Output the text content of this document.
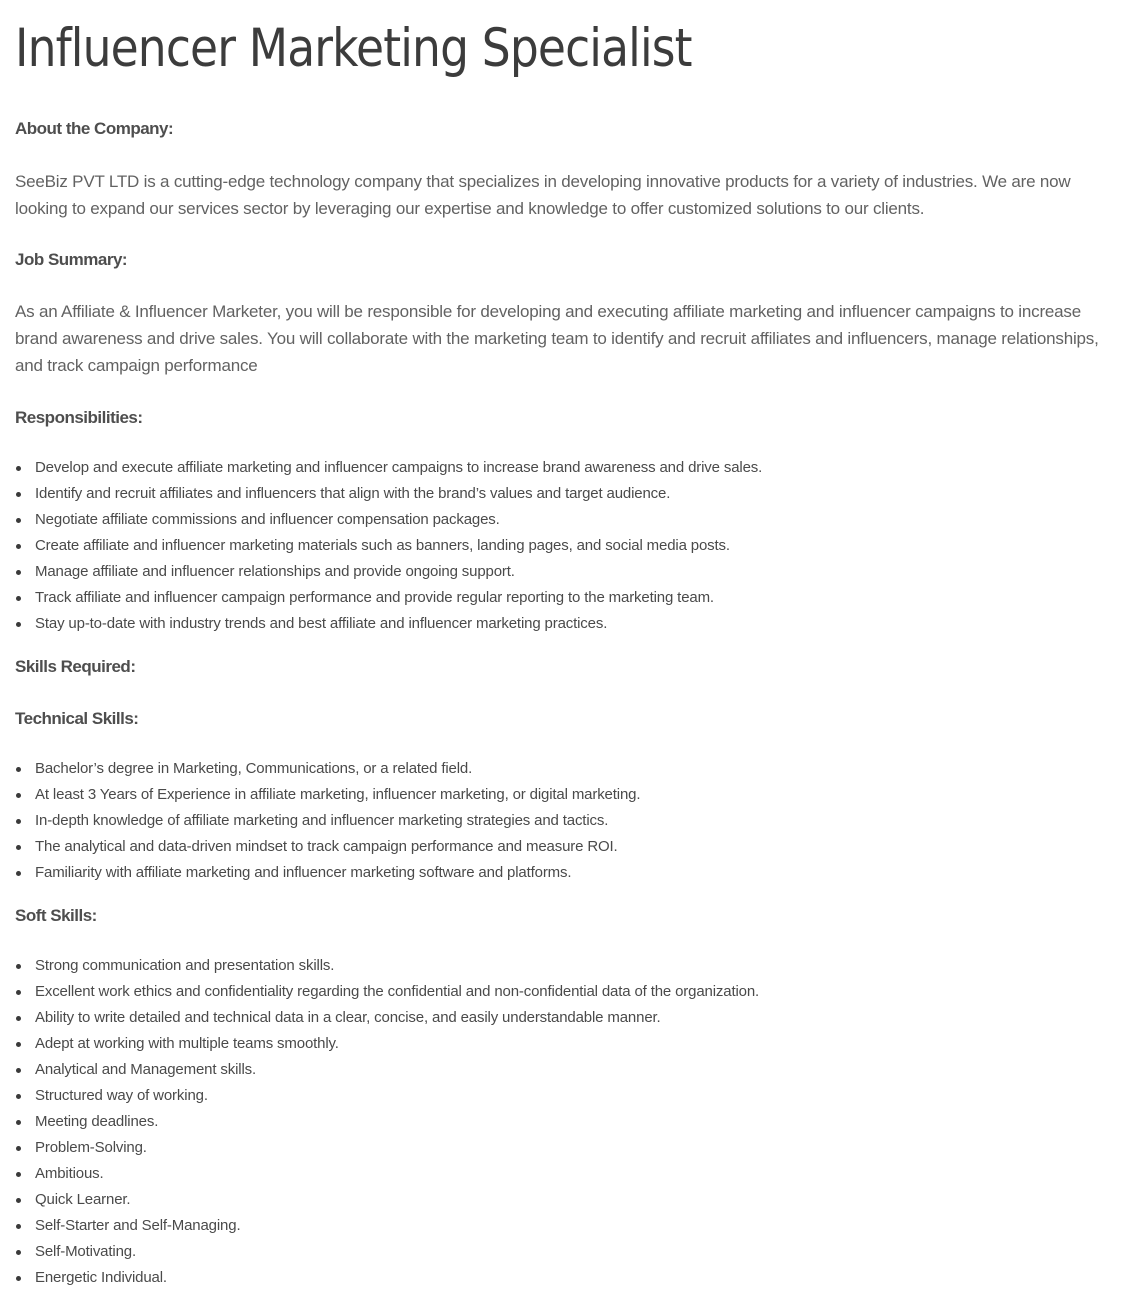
Influencer Marketing Specialist
About the Company:

SeeBiz PVT LTD is a cutting-edge technology company that specializes in developing innovative products for a variety of industries. We are now looking to expand our services sector by leveraging our expertise and knowledge to offer customized solutions to our clients.

Job Summary:

As an Affiliate & Influencer Marketer, you will be responsible for developing and executing affiliate marketing and influencer campaigns to increase brand awareness and drive sales. You will collaborate with the marketing team to identify and recruit affiliates and influencers, manage relationships, and track campaign performance

Responsibilities:
Develop and execute affiliate marketing and influencer campaigns to increase brand awareness and drive sales.
Identify and recruit affiliates and influencers that align with the brand’s values and target audience.
Negotiate affiliate commissions and influencer compensation packages.
Create affiliate and influencer marketing materials such as banners, landing pages, and social media posts.
Manage affiliate and influencer relationships and provide ongoing support.
Track affiliate and influencer campaign performance and provide regular reporting to the marketing team.
Stay up-to-date with industry trends and best affiliate and influencer marketing practices.
Skills Required:
Technical Skills:
Bachelor’s degree in Marketing, Communications, or a related field.
At least 3 Years of Experience in affiliate marketing, influencer marketing, or digital marketing.
In-depth knowledge of affiliate marketing and influencer marketing strategies and tactics.
The analytical and data-driven mindset to track campaign performance and measure ROI.
Familiarity with affiliate marketing and influencer marketing software and platforms.
Soft Skills:
Strong communication and presentation skills.
Excellent work ethics and confidentiality regarding the confidential and non-confidential data of the organization.
Ability to write detailed and technical data in a clear, concise, and easily understandable manner.
Adept at working with multiple teams smoothly.
Analytical and Management skills.
Structured way of working.
Meeting deadlines.
Problem-Solving.
Ambitious.
Quick Learner.
Self-Starter and Self-Managing.
Self-Motivating.
Energetic Individual.
